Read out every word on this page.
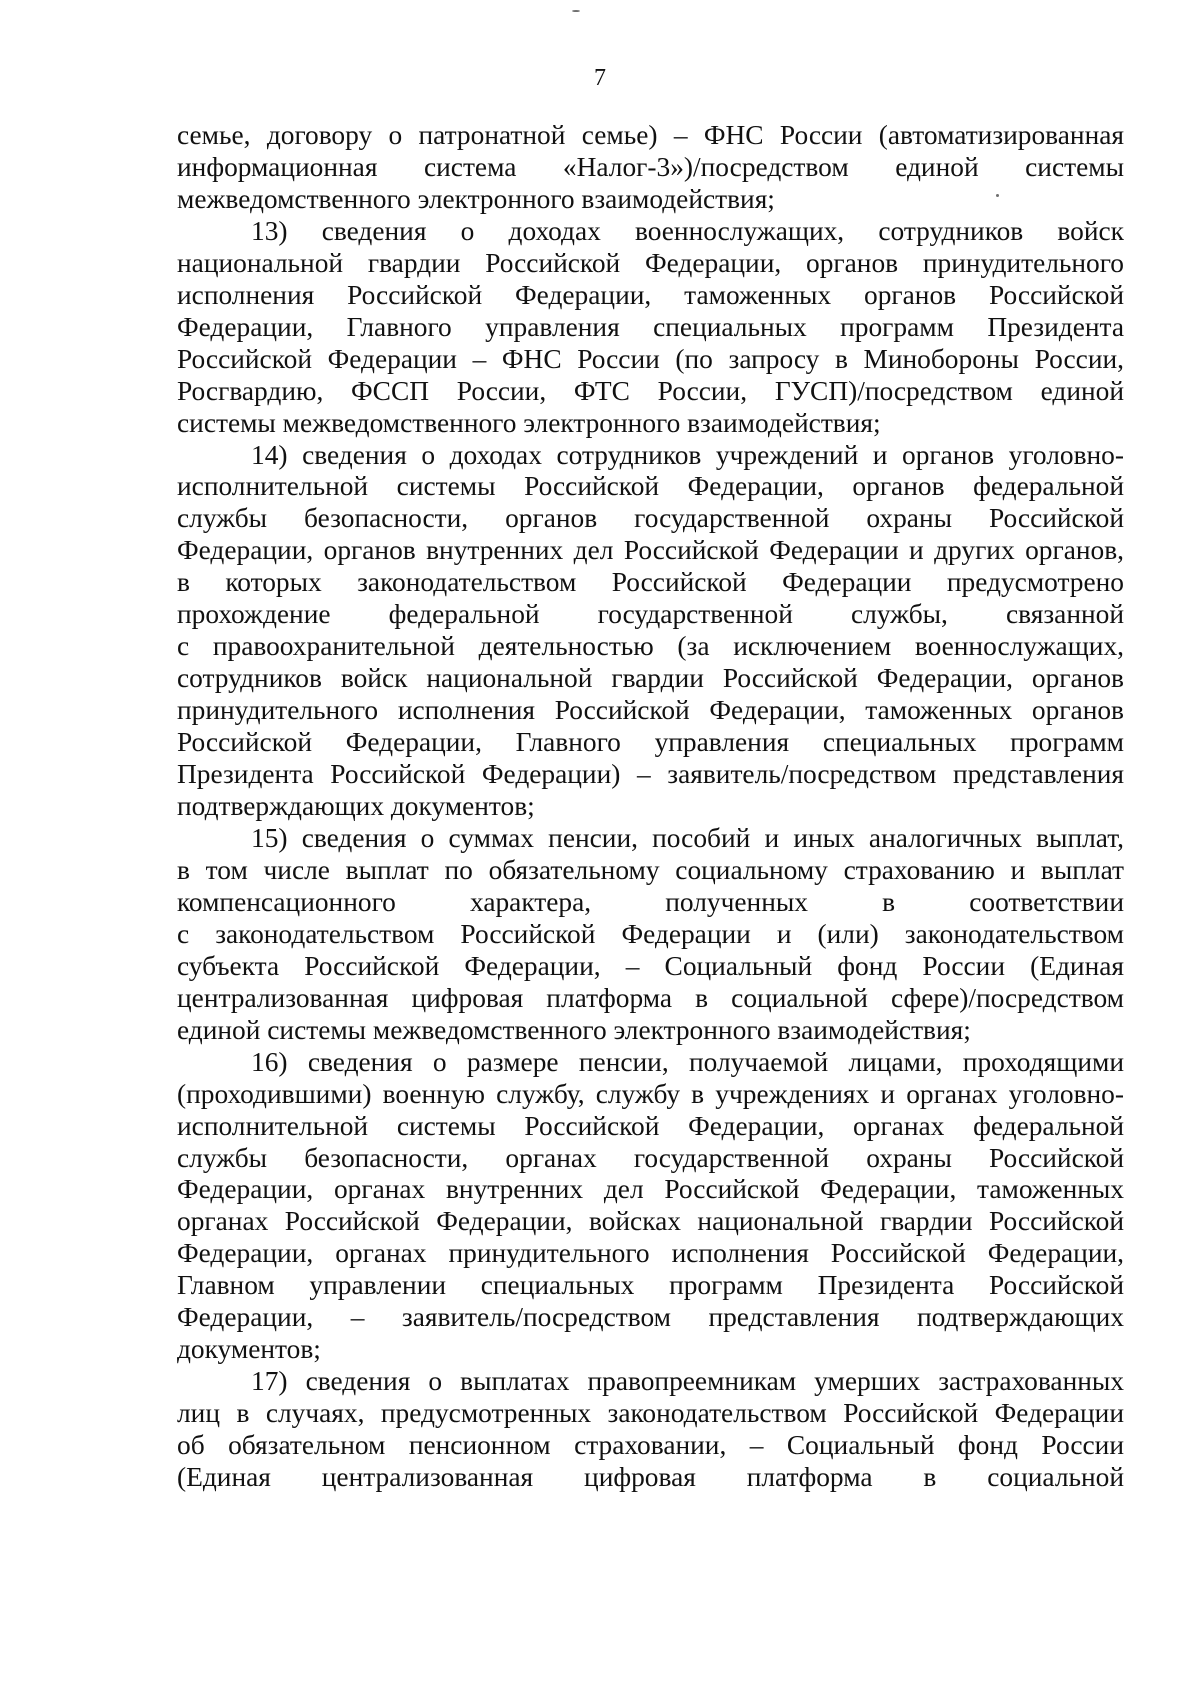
7
семье, договору о патронатной семье) – ФНС России (автоматизированная
информационная система «Налог-3»)/посредством единой системы
межведомственного электронного взаимодействия;
13) сведения о доходах военнослужащих, сотрудников войск
национальной гвардии Российской Федерации, органов принудительного
исполнения Российской Федерации, таможенных органов Российской
Федерации, Главного управления специальных программ Президента
Российской Федерации – ФНС России (по запросу в Минобороны России,
Росгвардию, ФССП России, ФТС России, ГУСП)/посредством единой
системы межведомственного электронного взаимодействия;
14) сведения о доходах сотрудников учреждений и органов уголовно-
исполнительной системы Российской Федерации, органов федеральной
службы безопасности, органов государственной охраны Российской
Федерации, органов внутренних дел Российской Федерации и других органов,
в которых законодательством Российской Федерации предусмотрено
прохождение федеральной государственной службы, связанной
с правоохранительной деятельностью (за исключением военнослужащих,
сотрудников войск национальной гвардии Российской Федерации, органов
принудительного исполнения Российской Федерации, таможенных органов
Российской Федерации, Главного управления специальных программ
Президента Российской Федерации) – заявитель/посредством представления
подтверждающих документов;
15) сведения о суммах пенсии, пособий и иных аналогичных выплат,
в том числе выплат по обязательному социальному страхованию и выплат
компенсационного характера, полученных в соответствии
с законодательством Российской Федерации и (или) законодательством
субъекта Российской Федерации, – Социальный фонд России (Единая
централизованная цифровая платформа в социальной сфере)/посредством
единой системы межведомственного электронного взаимодействия;
16) сведения о размере пенсии, получаемой лицами, проходящими
(проходившими) военную службу, службу в учреждениях и органах уголовно-
исполнительной системы Российской Федерации, органах федеральной
службы безопасности, органах государственной охраны Российской
Федерации, органах внутренних дел Российской Федерации, таможенных
органах Российской Федерации, войсках национальной гвардии Российской
Федерации, органах принудительного исполнения Российской Федерации,
Главном управлении специальных программ Президента Российской
Федерации, – заявитель/посредством представления подтверждающих
документов;
17) сведения о выплатах правопреемникам умерших застрахованных
лиц в случаях, предусмотренных законодательством Российской Федерации
об обязательном пенсионном страховании, – Социальный фонд России
(Единая централизованная цифровая платформа в социальной
